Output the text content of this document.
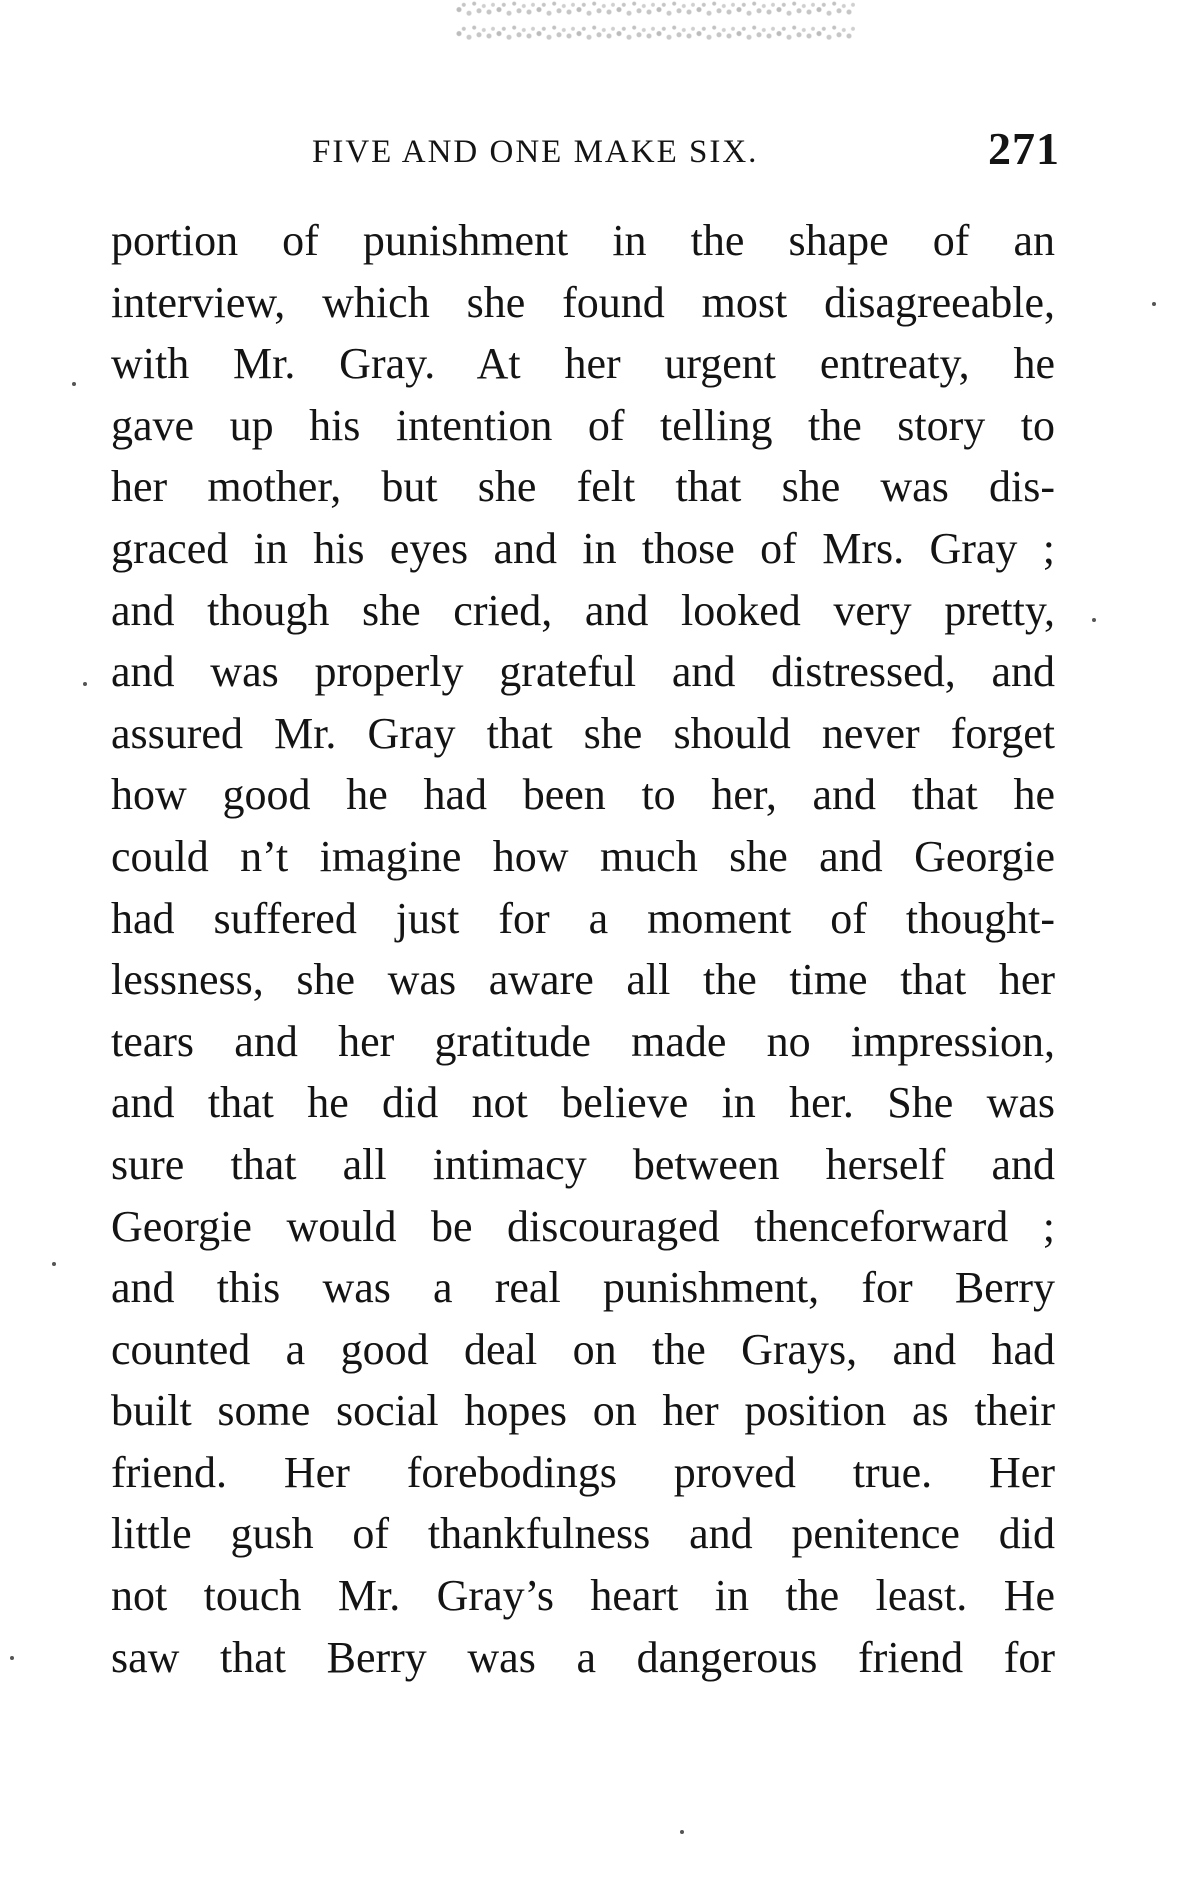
FIVE AND ONE MAKE SIX.	271
portion of punishment in the shape of an
interview, which she found most disagreeable,
with Mr. Gray. At her urgent entreaty, he
gave up his intention of telling the story to
her mother, but she felt that she was dis-
graced in his eyes and in those of Mrs. Gray ;
and though she cried, and looked very pretty,
and was properly grateful and distressed, and
assured Mr. Gray that she should never forget
how good he had been to her, and that he
could n’t imagine how much she and Georgie
had suffered just for a moment of thought-
lessness, she was aware all the time that her
tears and her gratitude made no impression,
and that he did not believe in her. She was
sure that all intimacy between herself and
Georgie would be discouraged thenceforward ;
and this was a real punishment, for Berry
counted a good deal on the Grays, and had
built some social hopes on her position as their
friend. Her forebodings proved true. Her
little gush of thankfulness and penitence did
not touch Mr. Gray’s heart in the least. He
saw that Berry was a dangerous friend for
